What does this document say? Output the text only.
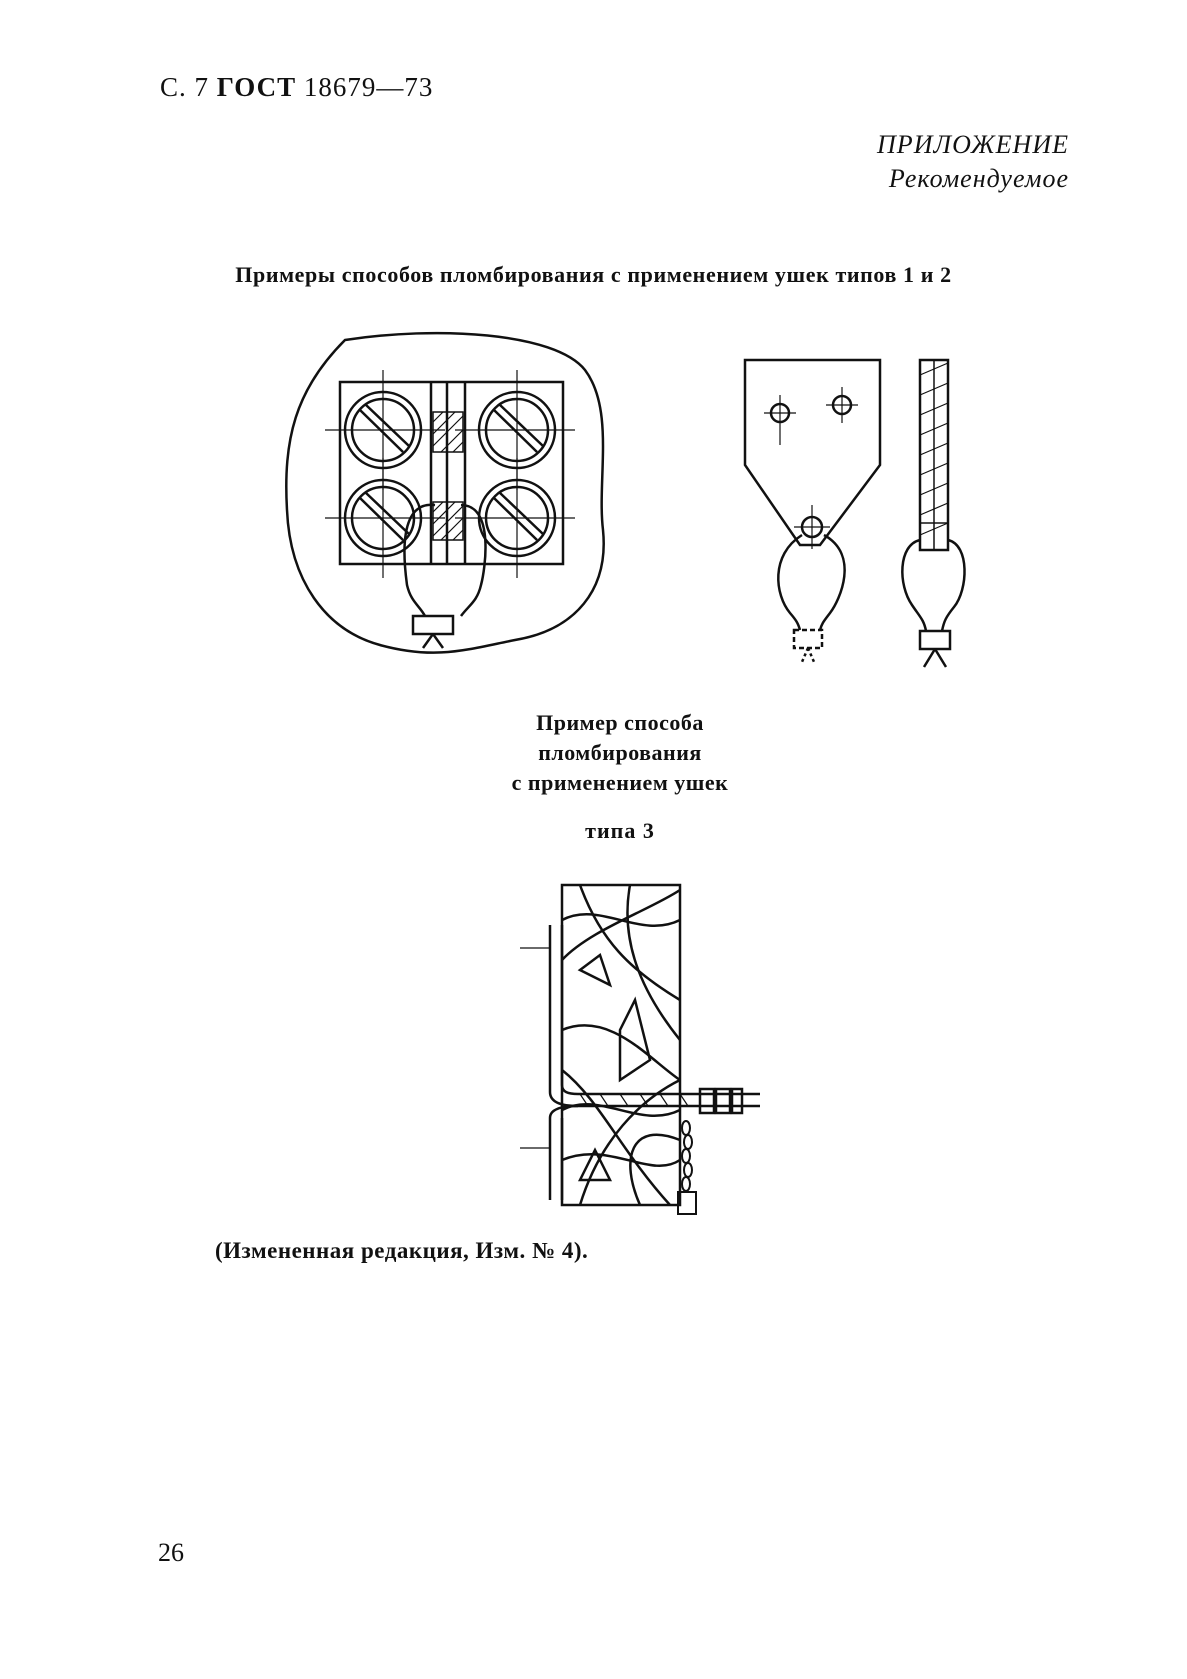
С. 7 ГОСТ 18679—73
ПРИЛОЖЕНИЕ
Рекомендуемое
Примеры способов пломбирования с применением ушек типов 1 и 2
Пример способа
пломбирования
с применением ушек
типа 3
(Измененная редакция, Изм. № 4).
26
